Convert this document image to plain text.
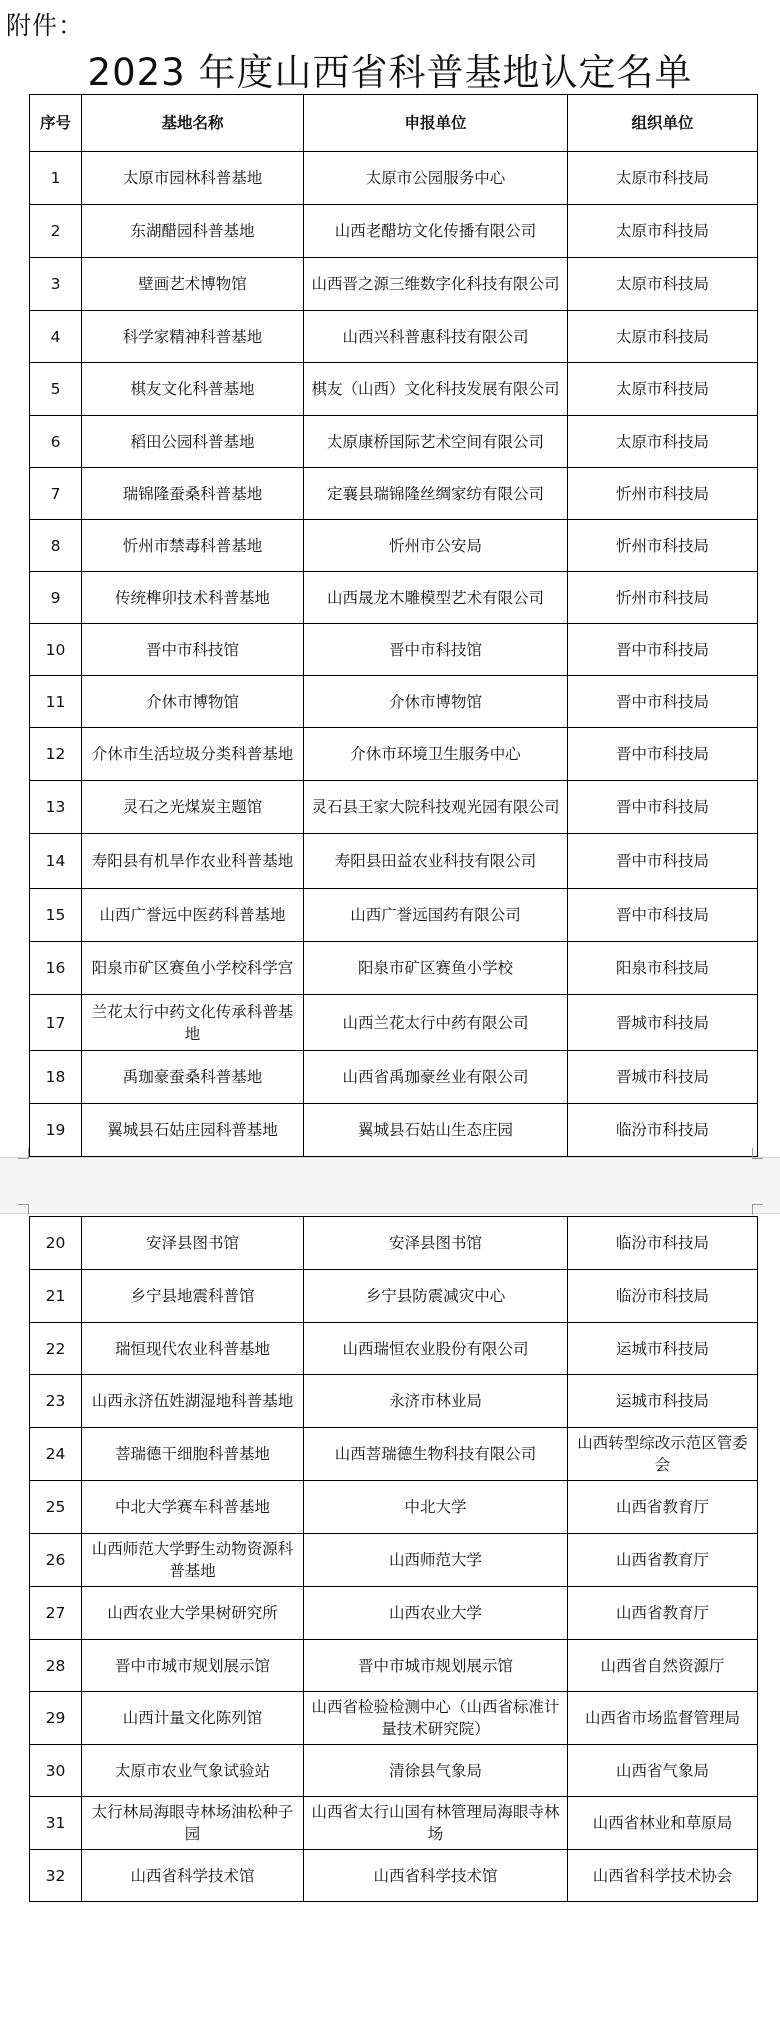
附件：
2023 年度山西省科普基地认定名单
序号	基地名称	申报单位	组织单位
1	太原市园林科普基地	太原市公园服务中心	太原市科技局
2	东湖醋园科普基地	山西老醋坊文化传播有限公司	太原市科技局
3	壁画艺术博物馆	山西晋之源三维数字化科技有限公司	太原市科技局
4	科学家精神科普基地	山西兴科普惠科技有限公司	太原市科技局
5	棋友文化科普基地	棋友（山西）文化科技发展有限公司	太原市科技局
6	稻田公园科普基地	太原康桥国际艺术空间有限公司	太原市科技局
7	瑞锦隆蚕桑科普基地	定襄县瑞锦隆丝绸家纺有限公司	忻州市科技局
8	忻州市禁毒科普基地	忻州市公安局	忻州市科技局
9	传统榫卯技术科普基地	山西晟龙木雕模型艺术有限公司	忻州市科技局
10	晋中市科技馆	晋中市科技馆	晋中市科技局
11	介休市博物馆	介休市博物馆	晋中市科技局
12	介休市生活垃圾分类科普基地	介休市环境卫生服务中心	晋中市科技局
13	灵石之光煤炭主题馆	灵石县王家大院科技观光园有限公司	晋中市科技局
14	寿阳县有机旱作农业科普基地	寿阳县田益农业科技有限公司	晋中市科技局
15	山西广誉远中医药科普基地	山西广誉远国药有限公司	晋中市科技局
16	阳泉市矿区赛鱼小学校科学宫	阳泉市矿区赛鱼小学校	阳泉市科技局
17	兰花太行中药文化传承科普基地	山西兰花太行中药有限公司	晋城市科技局
18	禹珈豪蚕桑科普基地	山西省禹珈豪丝业有限公司	晋城市科技局
19	翼城县石姑庄园科普基地	翼城县石姑山生态庄园	临汾市科技局
20	安泽县图书馆	安泽县图书馆	临汾市科技局
21	乡宁县地震科普馆	乡宁县防震减灾中心	临汾市科技局
22	瑞恒现代农业科普基地	山西瑞恒农业股份有限公司	运城市科技局
23	山西永济伍姓湖湿地科普基地	永济市林业局	运城市科技局
24	菩瑞德干细胞科普基地	山西菩瑞德生物科技有限公司	山西转型综改示范区管委会
25	中北大学赛车科普基地	中北大学	山西省教育厅
26	山西师范大学野生动物资源科普基地	山西师范大学	山西省教育厅
27	山西农业大学果树研究所	山西农业大学	山西省教育厅
28	晋中市城市规划展示馆	晋中市城市规划展示馆	山西省自然资源厅
29	山西计量文化陈列馆	山西省检验检测中心（山西省标准计量技术研究院）	山西省市场监督管理局
30	太原市农业气象试验站	清徐县气象局	山西省气象局
31	太行林局海眼寺林场油松种子园	山西省太行山国有林管理局海眼寺林场	山西省林业和草原局
32	山西省科学技术馆	山西省科学技术馆	山西省科学技术协会
